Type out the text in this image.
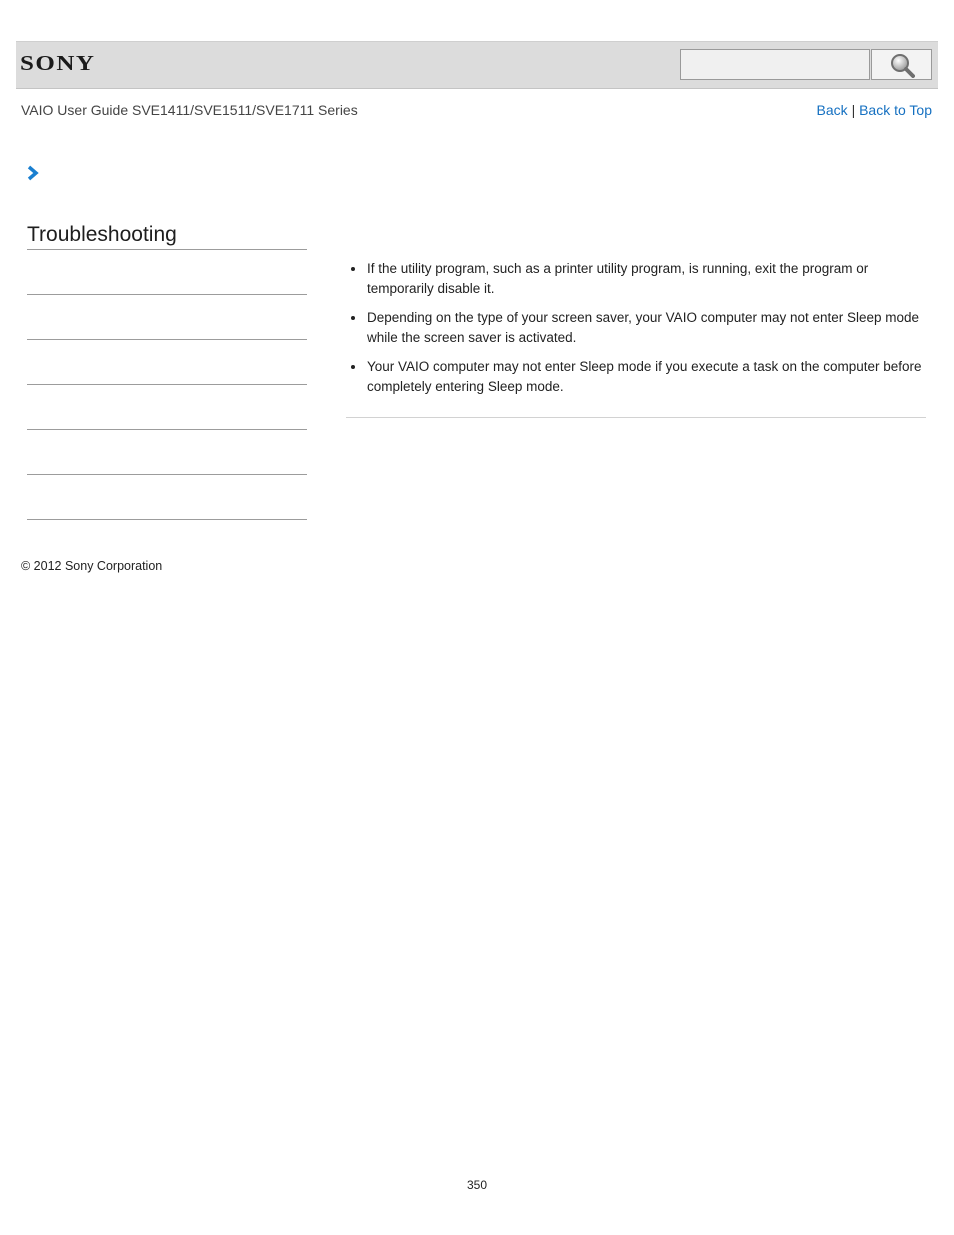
SONY
VAIO User Guide SVE1411/SVE1511/SVE1711 Series	Back | Back to Top
Troubleshooting
If the utility program, such as a printer utility program, is running, exit the program or temporarily disable it.
Depending on the type of your screen saver, your VAIO computer may not enter Sleep mode while the screen saver is activated.
Your VAIO computer may not enter Sleep mode if you execute a task on the computer before completely entering Sleep mode.
© 2012 Sony Corporation
350
